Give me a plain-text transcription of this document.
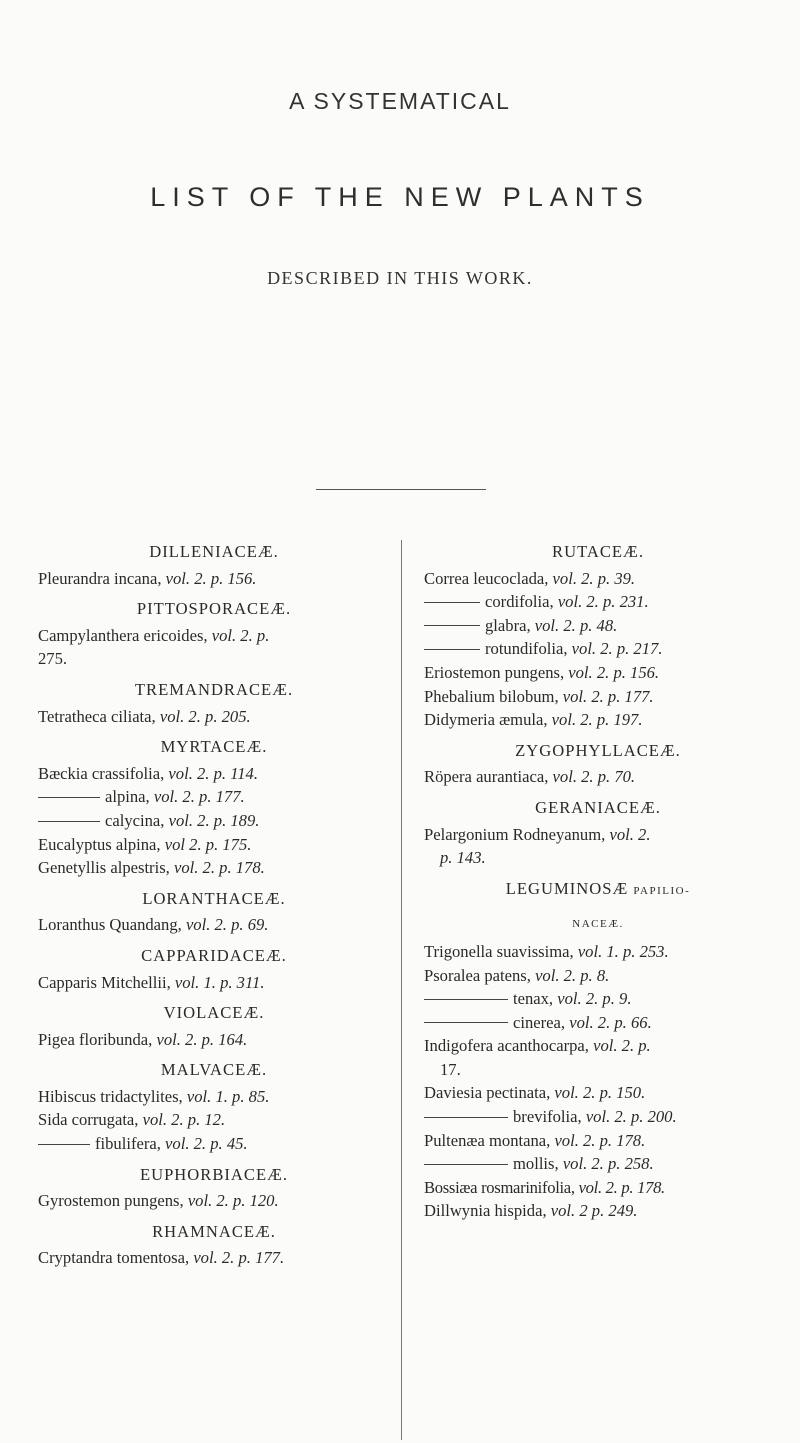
A SYSTEMATICAL
LIST OF THE NEW PLANTS
DESCRIBED IN THIS WORK.
DILLENIACEÆ.
Pleurandra incana, vol. 2. p. 156.
PITTOSPORACEÆ.
Campylanthera ericoides, vol. 2. p.
275.
TREMANDRACEÆ.
Tetratheca ciliata, vol. 2. p. 205.
MYRTACEÆ.
Bæckia crassifolia, vol. 2. p. 114.
alpina, vol. 2. p. 177.
calycina, vol. 2. p. 189.
Eucalyptus alpina, vol 2. p. 175.
Genetyllis alpestris, vol. 2. p. 178.
LORANTHACEÆ.
Loranthus Quandang, vol. 2. p. 69.
CAPPARIDACEÆ.
Capparis Mitchellii, vol. 1. p. 311.
VIOLACEÆ.
Pigea floribunda, vol. 2. p. 164.
MALVACEÆ.
Hibiscus tridactylites, vol. 1. p. 85.
Sida corrugata, vol. 2. p. 12.
fibulifera, vol. 2. p. 45.
EUPHORBIACEÆ.
Gyrostemon pungens, vol. 2. p. 120.
RHAMNACEÆ.
Cryptandra tomentosa, vol. 2. p. 177.
RUTACEÆ.
Correa leucoclada, vol. 2. p. 39.
cordifolia, vol. 2. p. 231.
glabra, vol. 2. p. 48.
rotundifolia, vol. 2. p. 217.
Eriostemon pungens, vol. 2. p. 156.
Phebalium bilobum, vol. 2. p. 177.
Didymeria æmula, vol. 2. p. 197.
ZYGOPHYLLACEÆ.
Röpera aurantiaca, vol. 2. p. 70.
GERANIACEÆ.
Pelargonium Rodneyanum, vol. 2.
p. 143.
LEGUMINOSÆ PAPILIO-
NACEÆ.
Trigonella suavissima, vol. 1. p. 253.
Psoralea patens, vol. 2. p. 8.
tenax, vol. 2. p. 9.
cinerea, vol. 2. p. 66.
Indigofera acanthocarpa, vol. 2. p.
17.
Daviesia pectinata, vol. 2. p. 150.
brevifolia, vol. 2. p. 200.
Pultenæa montana, vol. 2. p. 178.
mollis, vol. 2. p. 258.
Bossiæa rosmarinifolia, vol. 2. p. 178.
Dillwynia hispida, vol. 2 p. 249.
